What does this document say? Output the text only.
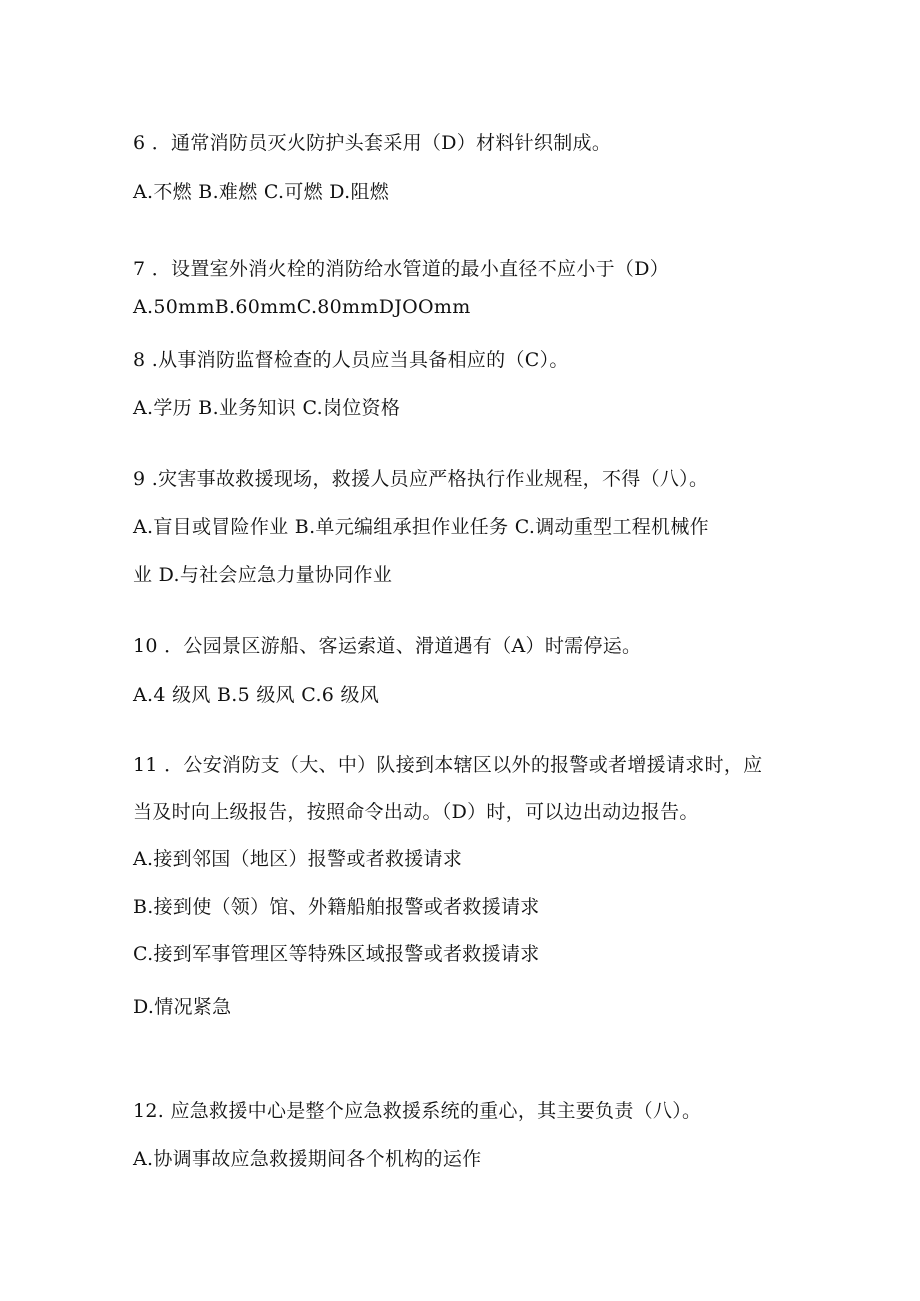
6 ．通常消防员灭火防护头套采用（D）材料针织制成。
A.不燃 B.难燃 C.可燃 D.阻燃
7 ．设置室外消火栓的消防给水管道的最小直径不应小于（D）
A.50mmB.60mmC.80mmDJOOmm
8 .从事消防监督检查的人员应当具备相应的（C）。
A.学历 B.业务知识 C.岗位资格
9 .灾害事故救援现场，救援人员应严格执行作业规程，不得（八）。
A.盲目或冒险作业 B.单元编组承担作业任务 C.调动重型工程机械作
业 D.与社会应急力量协同作业
10 ．公园景区游船、客运索道、滑道遇有（A）时需停运。
A.4 级风 B.5 级风 C.6 级风
11 ．公安消防支（大、中）队接到本辖区以外的报警或者增援请求时，应
当及时向上级报告，按照命令出动。（D）时，可以边出动边报告。
A.接到邻国（地区）报警或者救援请求
B.接到使（领）馆、外籍船舶报警或者救援请求
C.接到军事管理区等特殊区域报警或者救援请求
D.情况紧急
12. 应急救援中心是整个应急救援系统的重心，其主要负责（八）。
A.协调事故应急救援期间各个机构的运作
